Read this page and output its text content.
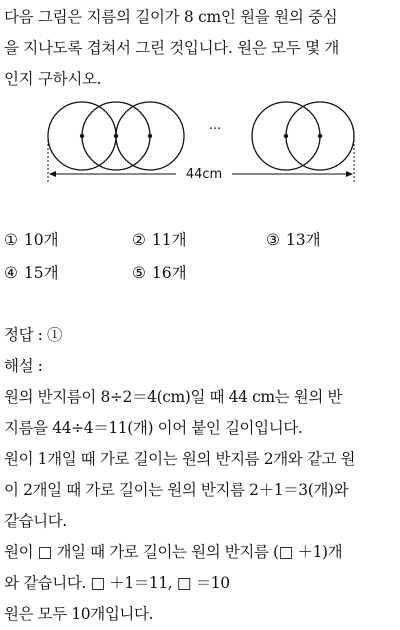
다음 그림은 지름의 길이가 8 cm인 원을 원의 중심

을 지나도록 겹쳐서 그린 것입니다. 원은 모두 몇 개

인지 구하시오.

···
44cm
① 10개	② 11개	③ 13개
④ 15개	⑤ 16개

정답 : ①

해설 :

원의 반지름이 8÷2＝4(cm)일 때 44 cm는 원의 반

지름을 44÷4＝11(개) 이어 붙인 길이입니다.

원이 1개일 때 가로 길이는 원의 반지름 2개와 같고 원

이 2개일 때 가로 길이는 원의 반지름 2＋1＝3(개)와

같습니다.

원이 □ 개일 때 가로 길이는 원의 반지름 (□ ＋1)개

와 같습니다. □ ＋1＝11, □ ＝10

원은 모두 10개입니다.
